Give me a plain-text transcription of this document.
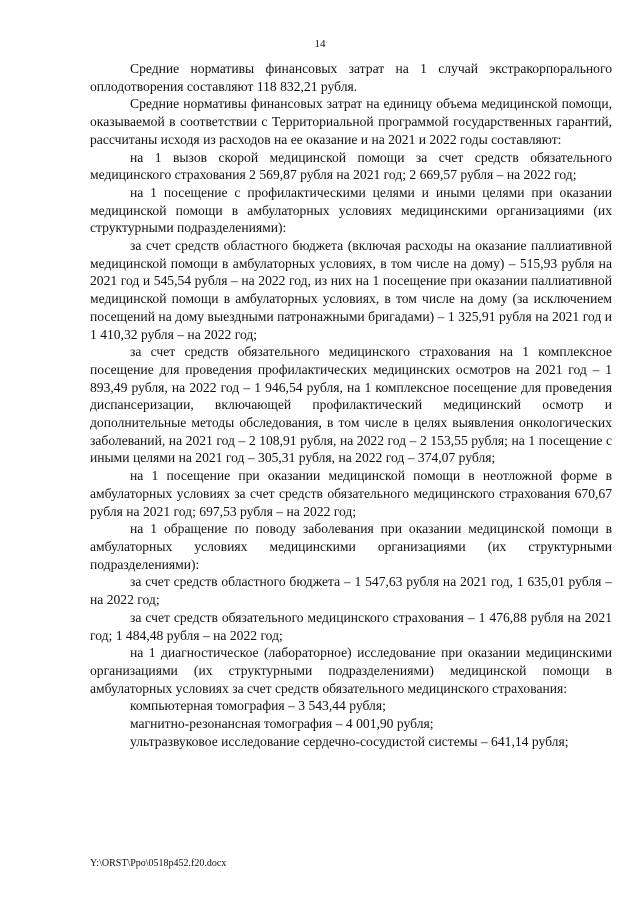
14

Средние нормативы финансовых затрат на 1 случай экстракорпорального оплодотворения составляют 118 832,21 рубля.

Средние нормативы финансовых затрат на единицу объема медицинской помощи, оказываемой в соответствии с Территориальной программой государственных гарантий, рассчитаны исходя из расходов на ее оказание и на 2021 и 2022 годы составляют:

на 1 вызов скорой медицинской помощи за счет средств обязательного медицинского страхования 2 569,87 рубля на 2021 год; 2 669,57 рубля – на 2022 год;

на 1 посещение с профилактическими целями и иными целями при оказании медицинской помощи в амбулаторных условиях медицинскими организациями (их структурными подразделениями):

за счет средств областного бюджета (включая расходы на оказание паллиативной медицинской помощи в амбулаторных условиях, в том числе на дому) – 515,93 рубля на 2021 год и 545,54 рубля – на 2022 год, из них на 1 посещение при оказании паллиативной медицинской помощи в амбулаторных условиях, в том числе на дому (за исключением посещений на дому выездными патронажными бригадами) – 1 325,91 рубля на 2021 год и 1 410,32 рубля – на 2022 год;

за счет средств обязательного медицинского страхования на 1 комплексное посещение для проведения профилактических медицинских осмотров на 2021 год – 1 893,49 рубля, на 2022 год – 1 946,54 рубля, на 1 комплексное посещение для проведения диспансеризации, включающей профилактический медицинский осмотр и дополнительные методы обследования, в том числе в целях выявления онкологических заболеваний, на 2021 год – 2 108,91 рубля, на 2022 год – 2 153,55 рубля; на 1 посещение с иными целями на 2021 год – 305,31 рубля, на 2022 год – 374,07 рубля;

на 1 посещение при оказании медицинской помощи в неотложной форме в амбулаторных условиях за счет средств обязательного медицинского страхования 670,67 рубля на 2021 год; 697,53 рубля – на 2022 год;

на 1 обращение по поводу заболевания при оказании медицинской помощи в амбулаторных условиях медицинскими организациями (их структурными подразделениями):

за счет средств областного бюджета – 1 547,63 рубля на 2021 год, 1 635,01 рубля – на 2022 год;

за счет средств обязательного медицинского страхования – 1 476,88 рубля на 2021 год; 1 484,48 рубля – на 2022 год;

на 1 диагностическое (лабораторное) исследование при оказании медицинскими организациями (их структурными подразделениями) медицинской помощи в амбулаторных условиях за счет средств обязательного медицинского страхования:

компьютерная томография – 3 543,44 рубля;

магнитно-резонансная томография – 4 001,90 рубля;

ультразвуковое исследование сердечно-сосудистой системы – 641,14 рубля;

Y:\ORST\Ppo\0518p452.f20.docx
